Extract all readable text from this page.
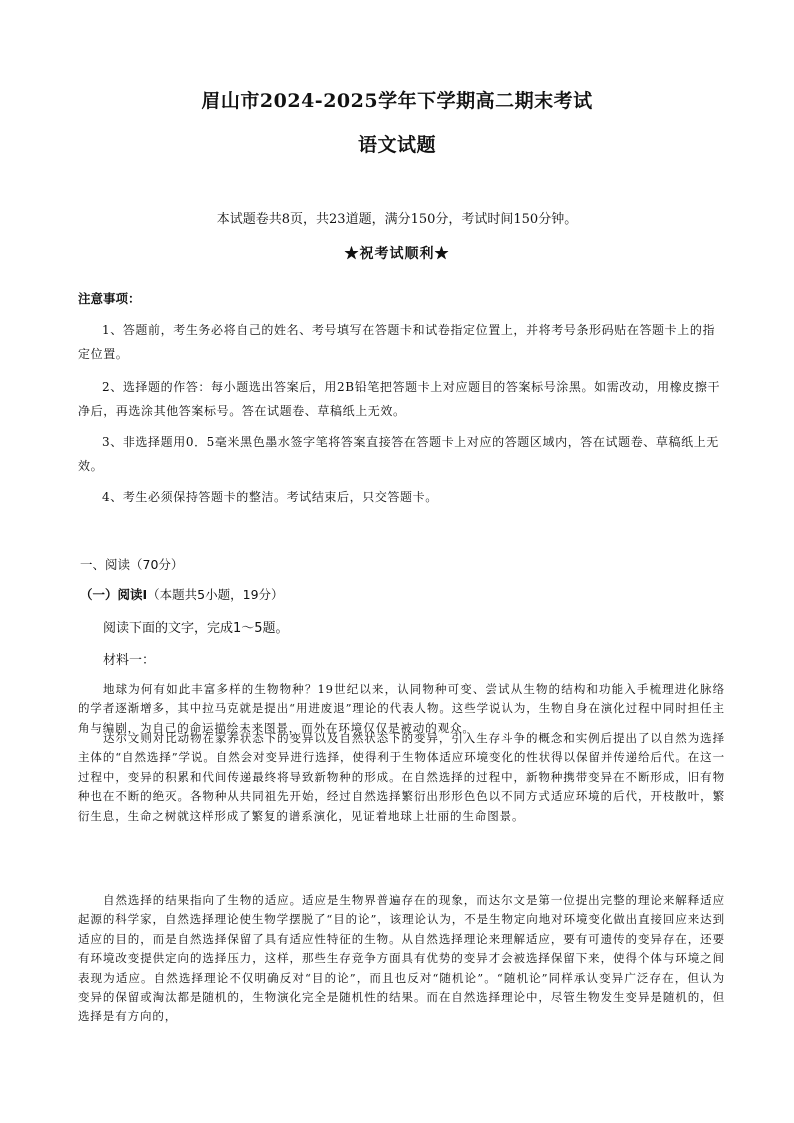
眉山市2024-2025学年下学期高二期末考试
语文试题
本试题卷共8页，共23道题，满分150分，考试时间150分钟。
★祝考试顺利★
注意事项：

1、答题前，考生务必将自己的姓名、考号填写在答题卡和试卷指定位置上，并将考号条形码贴在答题卡上的指定位置。

2、选择题的作答：每小题选出答案后，用2B铅笔把答题卡上对应题目的答案标号涂黑。如需改动，用橡皮擦干净后，再选涂其他答案标号。答在试题卷、草稿纸上无效。

3、非选择题用0．5毫米黑色墨水签字笔将答案直接答在答题卡上对应的答题区域内，答在试题卷、草稿纸上无效。

4、考生必须保持答题卡的整洁。考试结束后，只交答题卡。

一、阅读（70分）
（一）阅读Ⅰ（本题共5小题，19分）
阅读下面的文字，完成1～5题。
材料一：

地球为何有如此丰富多样的生物物种？19世纪以来，认同物种可变、尝试从生物的结构和功能入手梳理进化脉络的学者逐渐增多，其中拉马克就是提出“用进废退”理论的代表人物。这些学说认为，生物自身在演化过程中同时担任主角与编剧，为自己的命运描绘未来图景，而外在环境仅仅是被动的观众。

达尔文则对比动物在家养状态下的变异以及自然状态下的变异，引入生存斗争的概念和实例后提出了以自然为选择主体的“自然选择”学说。自然会对变异进行选择，使得利于生物体适应环境变化的性状得以保留并传递给后代。在这一过程中，变异的积累和代间传递最终将导致新物种的形成。在自然选择的过程中，新物种携带变异在不断形成，旧有物种也在不断的绝灭。各物种从共同祖先开始，经过自然选择繁衍出形形色色以不同方式适应环境的后代，开枝散叶，繁衍生息，生命之树就这样形成了繁复的谱系演化，见证着地球上壮丽的生命图景。

自然选择的结果指向了生物的适应。适应是生物界普遍存在的现象，而达尔文是第一位提出完整的理论来解释适应起源的科学家，自然选择理论使生物学摆脱了“目的论”，该理论认为，不是生物定向地对环境变化做出直接回应来达到适应的目的，而是自然选择保留了具有适应性特征的生物。从自然选择理论来理解适应，要有可遗传的变异存在，还要有环境改变提供定向的选择压力，这样，那些生存竞争方面具有优势的变异才会被选择保留下来，使得个体与环境之间表现为适应。自然选择理论不仅明确反对“目的论”，而且也反对“随机论”。“随机论”同样承认变异广泛存在，但认为变异的保留或淘汰都是随机的，生物演化完全是随机性的结果。而在自然选择理论中，尽管生物发生变异是随机的，但选择是有方向的，
